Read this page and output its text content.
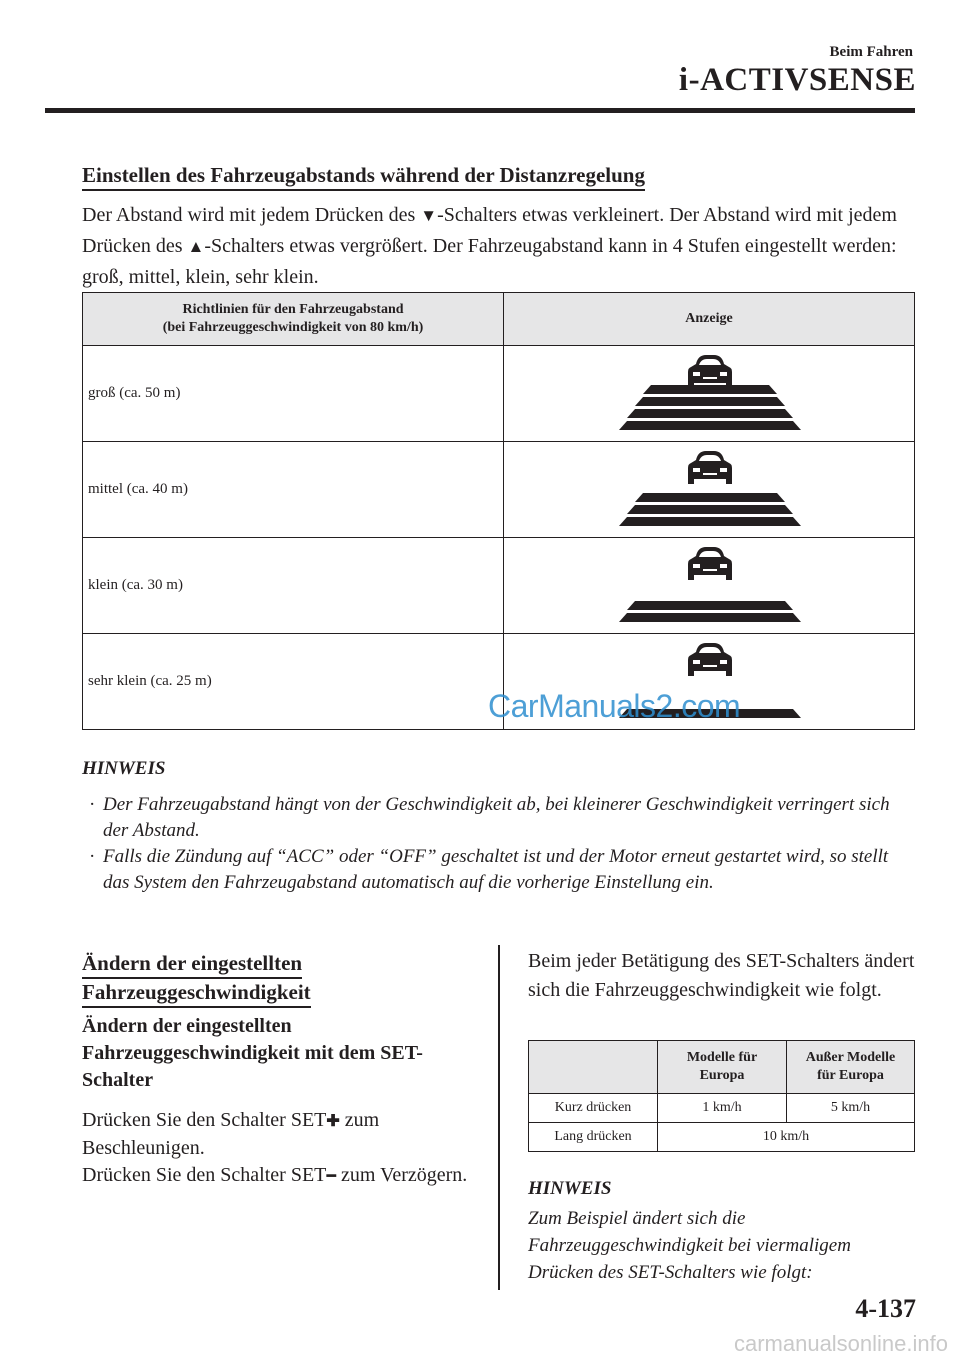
Beim Fahren
i-ACTIVSENSE
Einstellen des Fahrzeugabstands während der Distanzregelung
Der Abstand wird mit jedem Drücken des ▼-Schalters etwas verkleinert. Der Abstand wird mit jedem Drücken des ▲-Schalters etwas vergrößert. Der Fahrzeugabstand kann in 4 Stufen eingestellt werden: groß, mittel, klein, sehr klein.
Richtlinien für den Fahrzeugabstand
(bei Fahrzeuggeschwindigkeit von 80 km/h)	Anzeige
groß (ca. 50 m)	

mittel (ca. 40 m)	

klein (ca. 30 m)	

sehr klein (ca. 25 m)	
CarManuals2.com
HINWEIS
· Der Fahrzeugabstand hängt von der Geschwindigkeit ab, bei kleinerer Geschwindigkeit verringert sich der Abstand.
· Falls die Zündung auf “ACC” oder “OFF” geschaltet ist und der Motor erneut gestartet wird, so stellt das System den Fahrzeugabstand automatisch auf die vorherige Einstellung ein.
Ändern der eingestellten
Fahrzeuggeschwindigkeit
Ändern der eingestellten Fahrzeuggeschwindigkeit mit dem SET-Schalter
Drücken Sie den Schalter SET✚ zum Beschleunigen.
Drücken Sie den Schalter SET━ zum Verzögern.
Beim jeder Betätigung des SET-Schalters ändert sich die Fahrzeuggeschwindigkeit wie folgt.
	Modelle für
Europa	Außer Modelle
für Europa
Kurz drücken	1 km/h	5 km/h
Lang drücken	10 km/h	
HINWEIS
Zum Beispiel ändert sich die Fahrzeuggeschwindigkeit bei viermaligem Drücken des SET-Schalters wie folgt:
4-137
carmanualsonline.info
